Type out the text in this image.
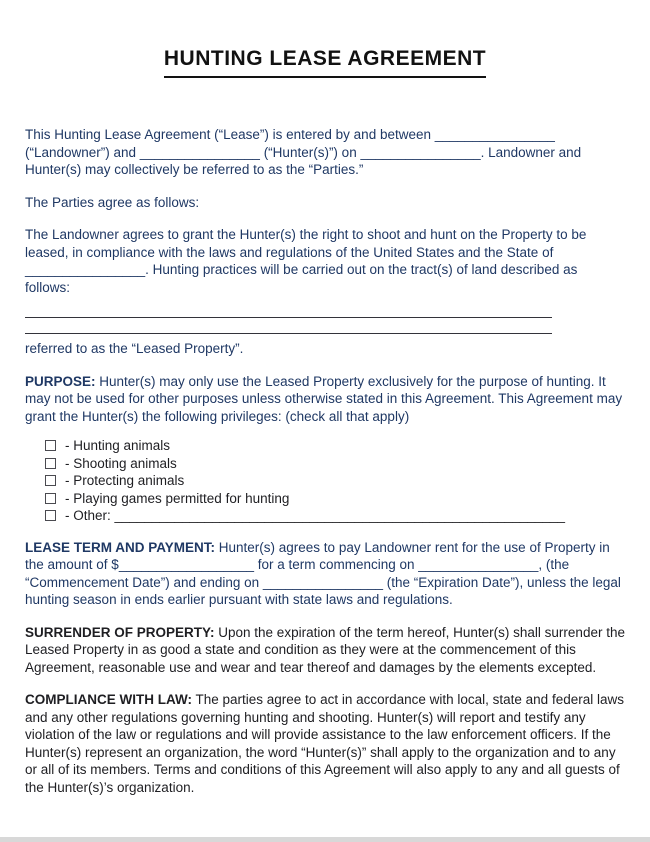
HUNTING LEASE AGREEMENT

This Hunting Lease Agreement (“Lease”) is entered by and between ________________ (“Landowner”) and ________________ (“Hunter(s)”) on ________________. Landowner and Hunter(s) may collectively be referred to as the “Parties.”

The Parties agree as follows:

The Landowner agrees to grant the Hunter(s) the right to shoot and hunt on the Property to be leased, in compliance with the laws and regulations of the United States and the State of ________________. Hunting practices will be carried out on the tract(s) of land described as follows:

referred to as the “Leased Property”.

PURPOSE: Hunter(s) may only use the Leased Property exclusively for the purpose of hunting. It may not be used for other purposes unless otherwise stated in this Agreement. This Agreement may grant the Hunter(s) the following privileges: (check all that apply)

- Hunting animals
- Shooting animals
- Protecting animals
- Playing games permitted for hunting
- Other: ____________________________________________________________

LEASE TERM AND PAYMENT: Hunter(s) agrees to pay Landowner rent for the use of Property in the amount of $__________________ for a term commencing on ________________, (the “Commencement Date”) and ending on ________________ (the “Expiration Date”), unless the legal hunting season in ends earlier pursuant with state laws and regulations.

SURRENDER OF PROPERTY: Upon the expiration of the term hereof, Hunter(s) shall surrender the Leased Property in as good a state and condition as they were at the commencement of this Agreement, reasonable use and wear and tear thereof and damages by the elements excepted.

COMPLIANCE WITH LAW: The parties agree to act in accordance with local, state and federal laws and any other regulations governing hunting and shooting. Hunter(s) will report and testify any violation of the law or regulations and will provide assistance to the law enforcement officers. If the Hunter(s) represent an organization, the word “Hunter(s)” shall apply to the organization and to any or all of its members. Terms and conditions of this Agreement will also apply to any and all guests of the Hunter(s)’s organization.
